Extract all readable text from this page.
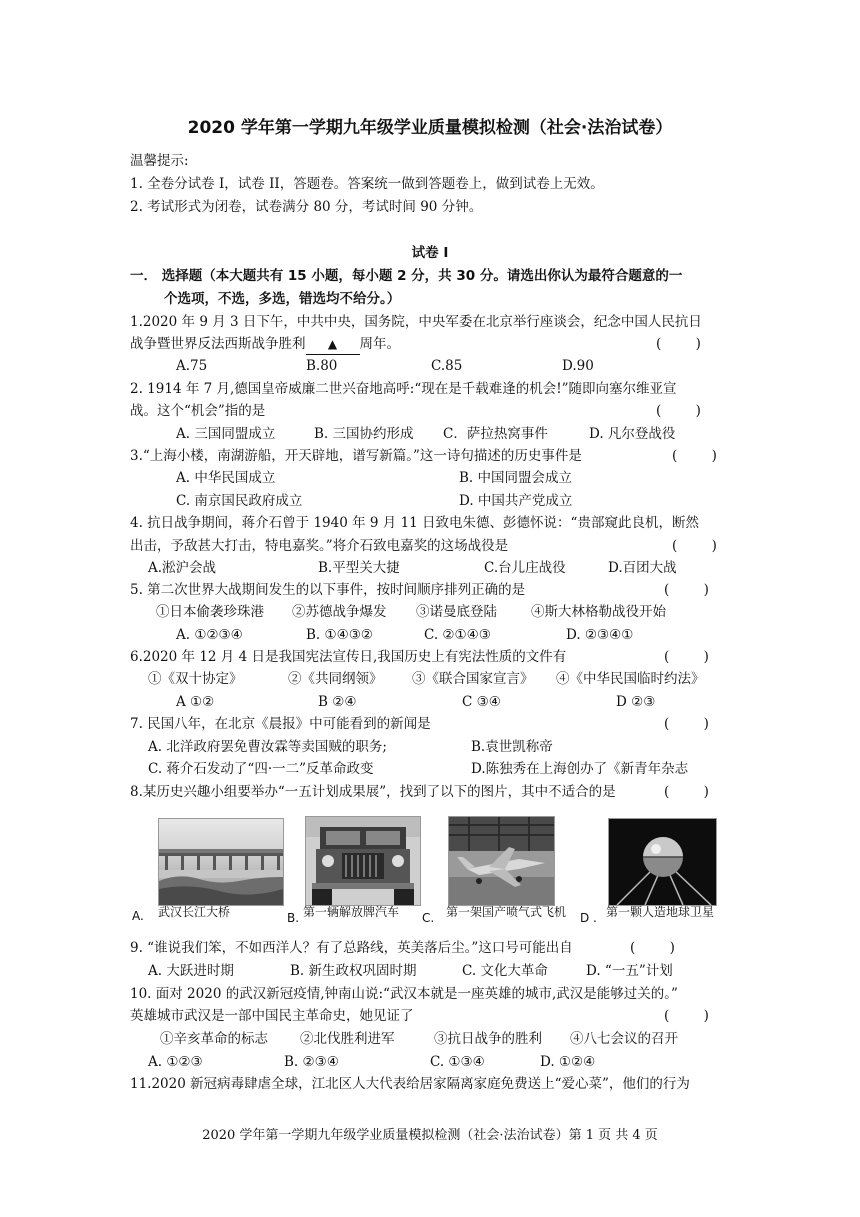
2020 学年第一学期九年级学业质量模拟检测（社会·法治试卷）
温馨提示:
1. 全卷分试卷 I，试卷 II，答题卷。答案统一做到答题卷上，做到试卷上无效。
2. 考试形式为闭卷，试卷满分 80 分，考试时间 90 分钟。
试卷 I
一． 选择题（本大题共有 15 小题，每小题 2 分，共 30 分。请选出你认为最符合题意的一
个选项，不选，多选，错选均不给分。）
1.2020 年 9 月 3 日下午，中共中央，国务院，中央军委在北京举行座谈会，纪念中国人民抗日
战争暨世界反法西斯战争胜利 ▲ 周年。	(        )
A.75	B.80	C.85	D.90
2. 1914 年 7 月,德国皇帝威廉二世兴奋地高呼:“现在是千载难逢的机会!”随即向塞尔维亚宣
战。这个“机会”指的是	(        )
A. 三国同盟成立	B. 三国协约形成 C．萨拉热窝事件	D. 凡尔登战役
3.“上海小楼，南湖游船，开天辟地，谱写新篇。”这一诗句描述的历史事件是	(        )
A. 中华民国成立	B. 中国同盟会成立
C. 南京国民政府成立	D. 中国共产党成立
4. 抗日战争期间，蒋介石曾于 1940 年 9 月 11 日致电朱德、彭德怀说：“贵部窥此良机，断然
出击，予敌甚大打击，特电嘉奖。”将介石致电嘉奖的这场战役是	(        )
A.淞沪会战	B.平型关大捷	C.台儿庄战役	D.百团大战
5. 第二次世界大战期间发生的以下事件，按时间顺序排列正确的是	(        )
①日本偷袭珍珠港 ②苏德战争爆发 ③诺曼底登陆	④斯大林格勒战役开始
A. ①②③④	B. ①④③②	C. ②①④③	D. ②③④①
6.2020 年 12 月 4 日是我国宪法宣传日,我国历史上有宪法性质的文件有	(        )
①《双十协定》	②《共同纲领》 ③《联合国家宣言》 ④《中华民国临时约法》
A ①②	B ②④	C ③④	D ②③
7. 民国八年，在北京《晨报》中可能看到的新闻是	(        )
A. 北洋政府罢免曹汝霖等卖国贼的职务;	B.袁世凯称帝
C. 蒋介石发动了“四·一二”反革命政变	D.陈独秀在上海创办了《新青年杂志
8.某历史兴趣小组要举办“一五计划成果展”，找到了以下的图片，其中不适合的是	(        )
A. 武汉长江大桥	B. 第一辆解放牌汽车 C. 第一架国产喷气式飞机 D . 第一颗人造地球卫星
9. “谁说我们笨，不如西洋人？有了总路线，英美落后尘。”这口号可能出自	(        )
A. 大跃进时期	B. 新生政权巩固时期	C. 文化大革命	D. “一五”计划
10. 面对 2020 的武汉新冠疫情,钟南山说:“武汉本就是一座英雄的城市,武汉是能够过关的。”
英雄城市武汉是一部中国民主革命史，她见证了	(        )
①辛亥革命的标志 ②北伐胜利进军	③抗日战争的胜利 ④八七会议的召开
A. ①②③	B. ②③④	C. ①③④	D. ①②④
11.2020 新冠病毒肆虐全球，江北区人大代表给居家隔离家庭免费送上“爱心菜”，他们的行为
2020 学年第一学期九年级学业质量模拟检测（社会·法治试卷）第 1 页 共 4 页
